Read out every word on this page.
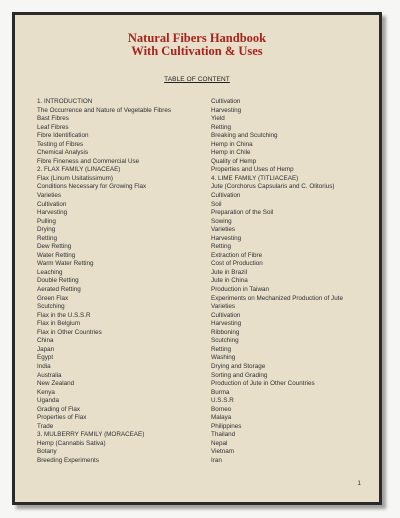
Natural Fibers Handbook
With Cultivation & Uses
TABLE OF CONTENT
1. INTRODUCTION
The Occurrence and Nature of Vegetable Fibres
Bast Fibres
Leaf Fibres
Fibre Identification
Testing of Fibres
Chemical Analysis
Fibre Fineness and Commercial Use
2. FLAX FAMILY (LINACEAE)
Flax (Linum Usitatissimum)
Conditions Necessary for Growing Flax
Varieties
Cultivation
Harvesting
Pulling
Drying
Retting
Dew Retting
Water Retting
Warm Water Retting
Leaching
Double Retting
Aerated Retting
Green Flax
Scutching
Flax in the U.S.S.R
Flax in Belgium
Flax in Other Countries
China
Japan
Egypt
India
Australia
New Zealand
Kenya
Uganda
Grading of Flax
Properties of Flax
Trade
3. MULBERRY FAMILY (MORACEAE)
Hemp (Cannabis Sativa)
Botany
Breeding Experiments
Cultivation
Harvesting
Yield
Retting
Breaking and Scutching
Hemp in China
Hemp in Chile
Quality of Hemp
Properties and Uses of Hemp
4. LIME FAMILY (TITLIACEAE)
Jute (Corchorus Capsularis and C. Olitorius)
Cultivation
Soil
Preparation of the Soil
Sowing
Varieties
Harvesting
Retting
Extraction of Fibre
Cost of Production
Jute in Brazil
Jute in China
Production in Taiwan
Experiments on Mechanized Production of Jute
Varieties
Cultivation
Harvesting
Ribboning
Scutching
Retting
Washing
Drying and Storage
Sorting and Grading
Production of Jute in Other Countries
Burma
U.S.S.R
Borneo
Malaya
Philippines
Thailand
Nepal
Vietnam
Iran
1
